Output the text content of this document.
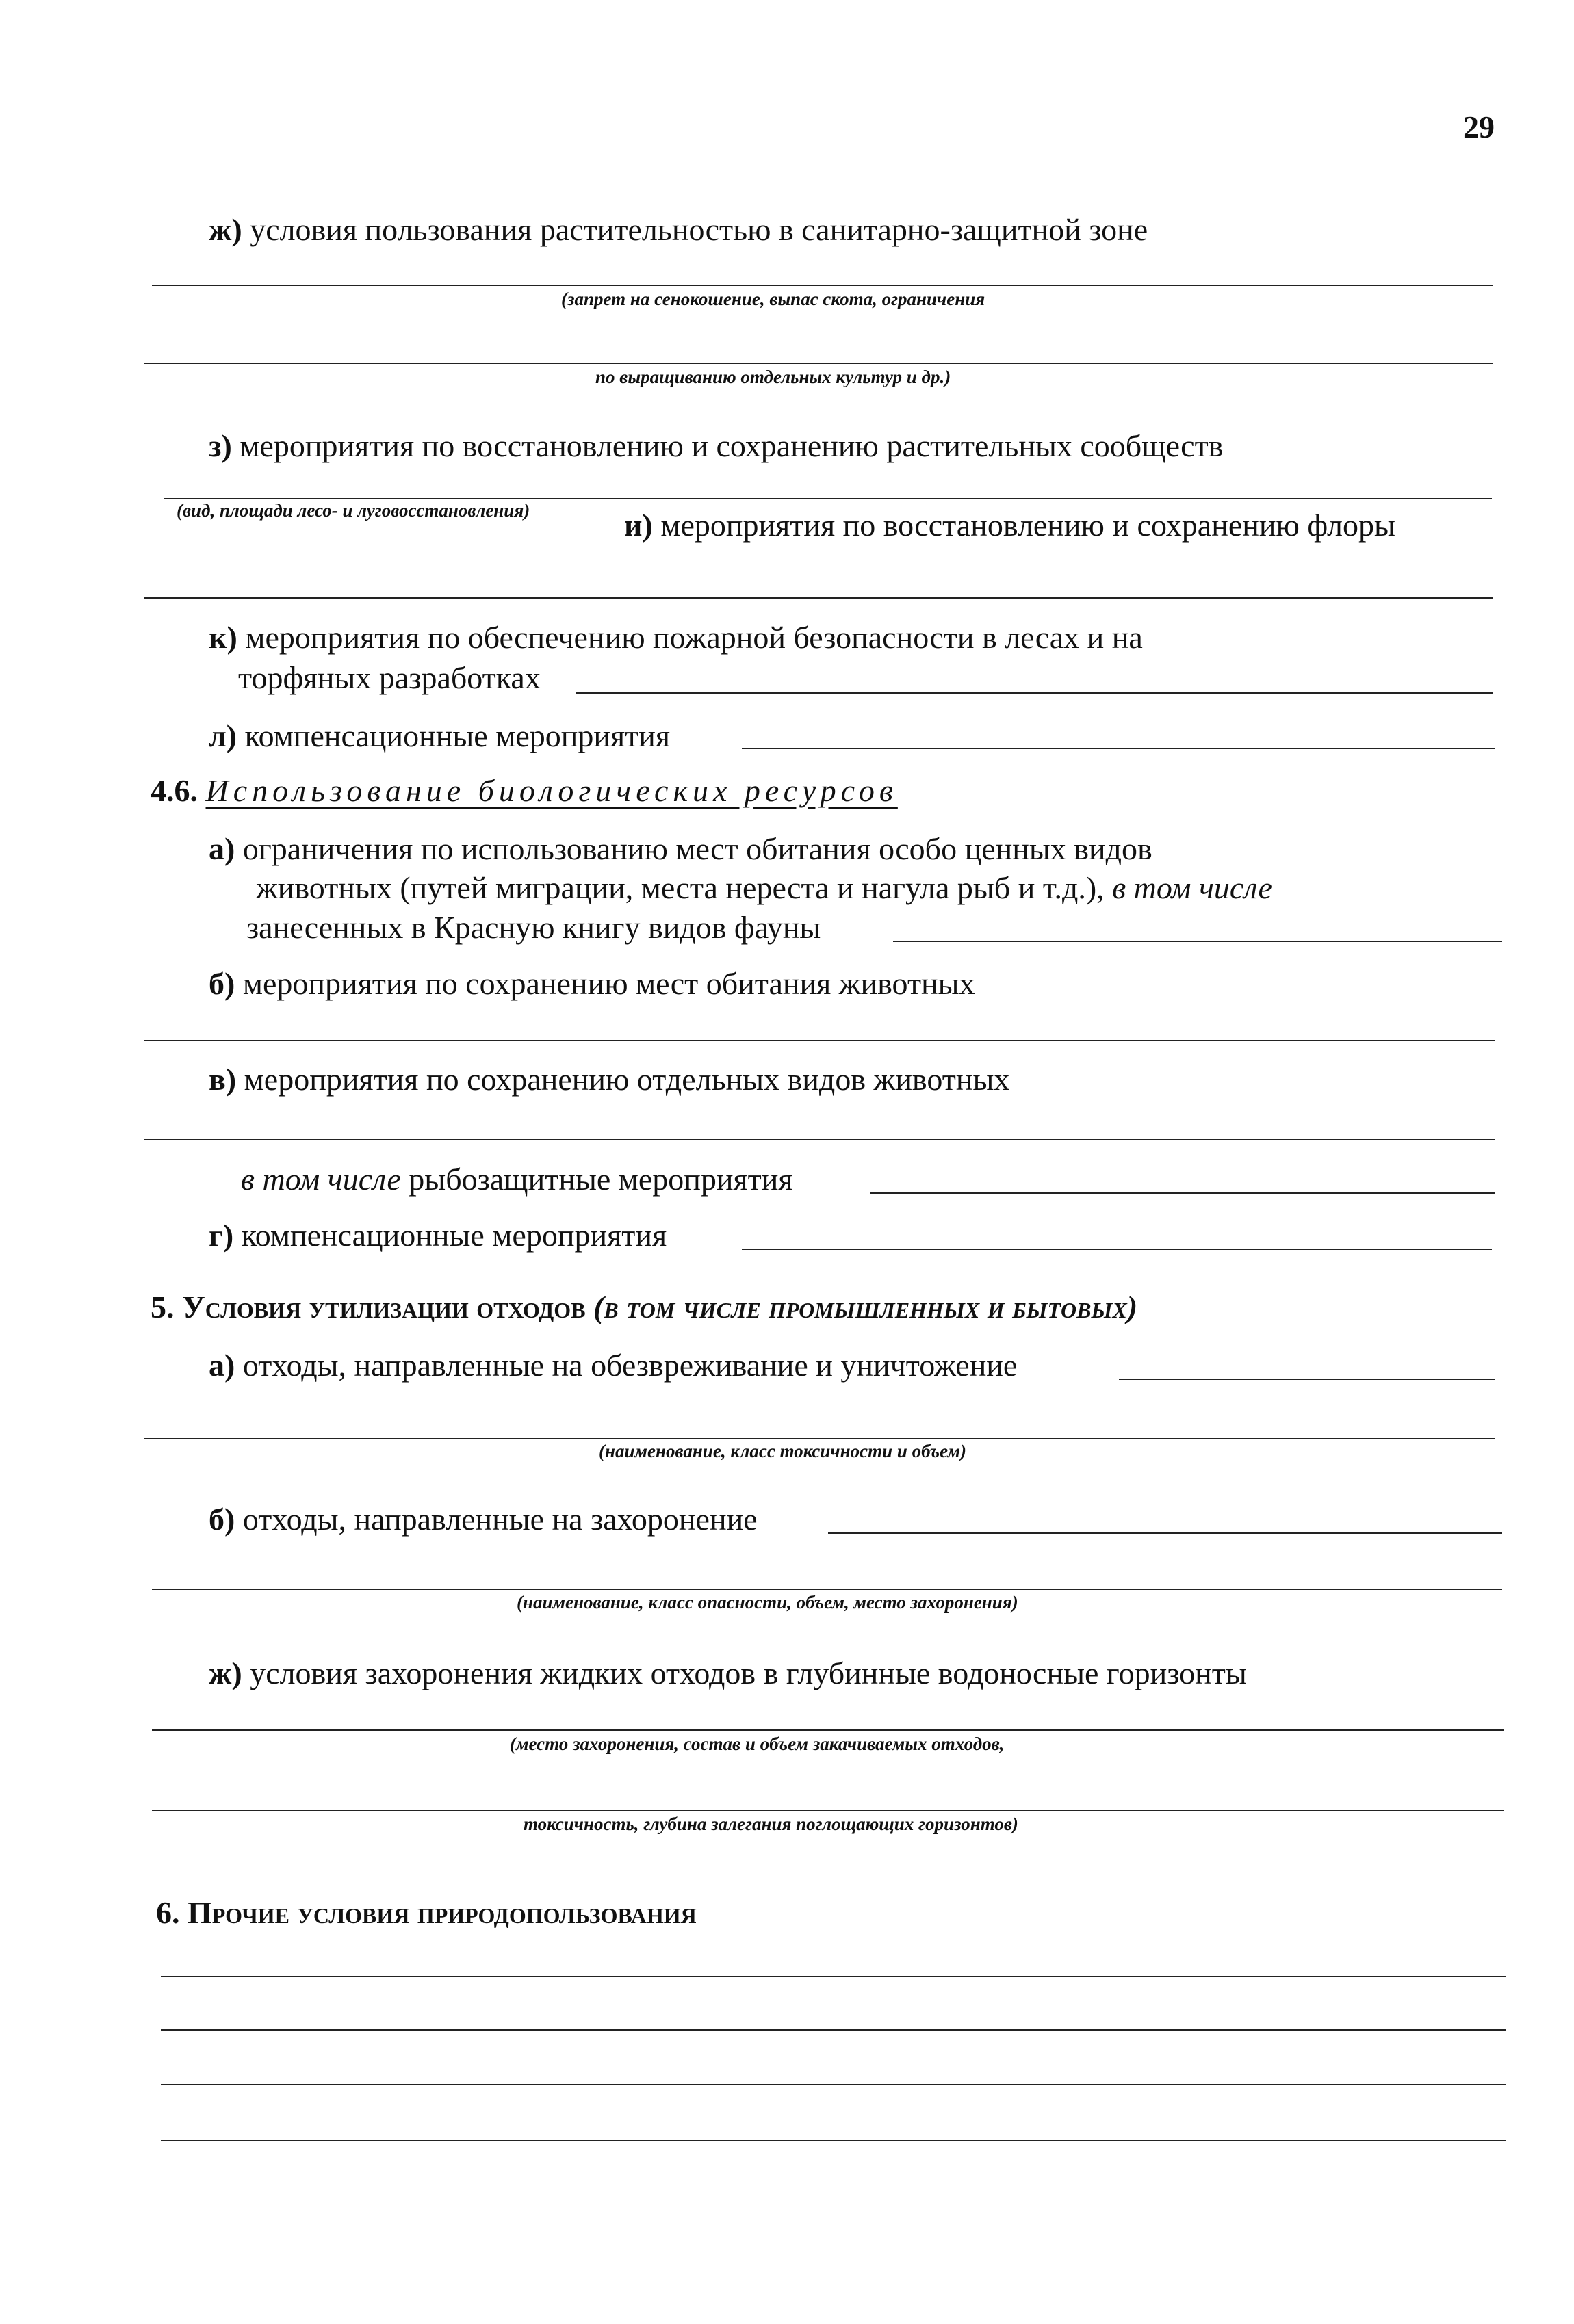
29
ж) условия пользования растительностью в санитарно-защитной зоне
(запрет на сенокошение, выпас скота, ограничения
по выращиванию отдельных культур и др.)
з) мероприятия по восстановлению и сохранению растительных сообществ
(вид, площади лесо- и луговосстановления)	и) мероприятия по восстановлению и сохранению флоры
к) мероприятия по обеспечению пожарной безопасности в лесах и на
торфяных разработках
л) компенсационные мероприятия
4.6. Использование биологических ресурсов
а) ограничения по использованию мест обитания особо ценных видов
животных (путей миграции, места нереста и нагула рыб и т.д.), в том числе
занесенных в Красную книгу видов фауны
б) мероприятия по сохранению мест обитания животных
в) мероприятия по сохранению отдельных видов животных
в том числе рыбозащитные мероприятия
г) компенсационные мероприятия
5. Условия утилизации отходов (в том числе промышленных и бытовых)
а) отходы, направленные на обезвреживание и уничтожение
(наименование, класс токсичности и объем)
б) отходы, направленные на захоронение
(наименование, класс опасности, объем, место захоронения)
ж) условия захоронения жидких отходов в глубинные водоносные горизонты
(место захоронения, состав и объем закачиваемых отходов,
токсичность, глубина залегания поглощающих горизонтов)
6. Прочие условия природопользования
